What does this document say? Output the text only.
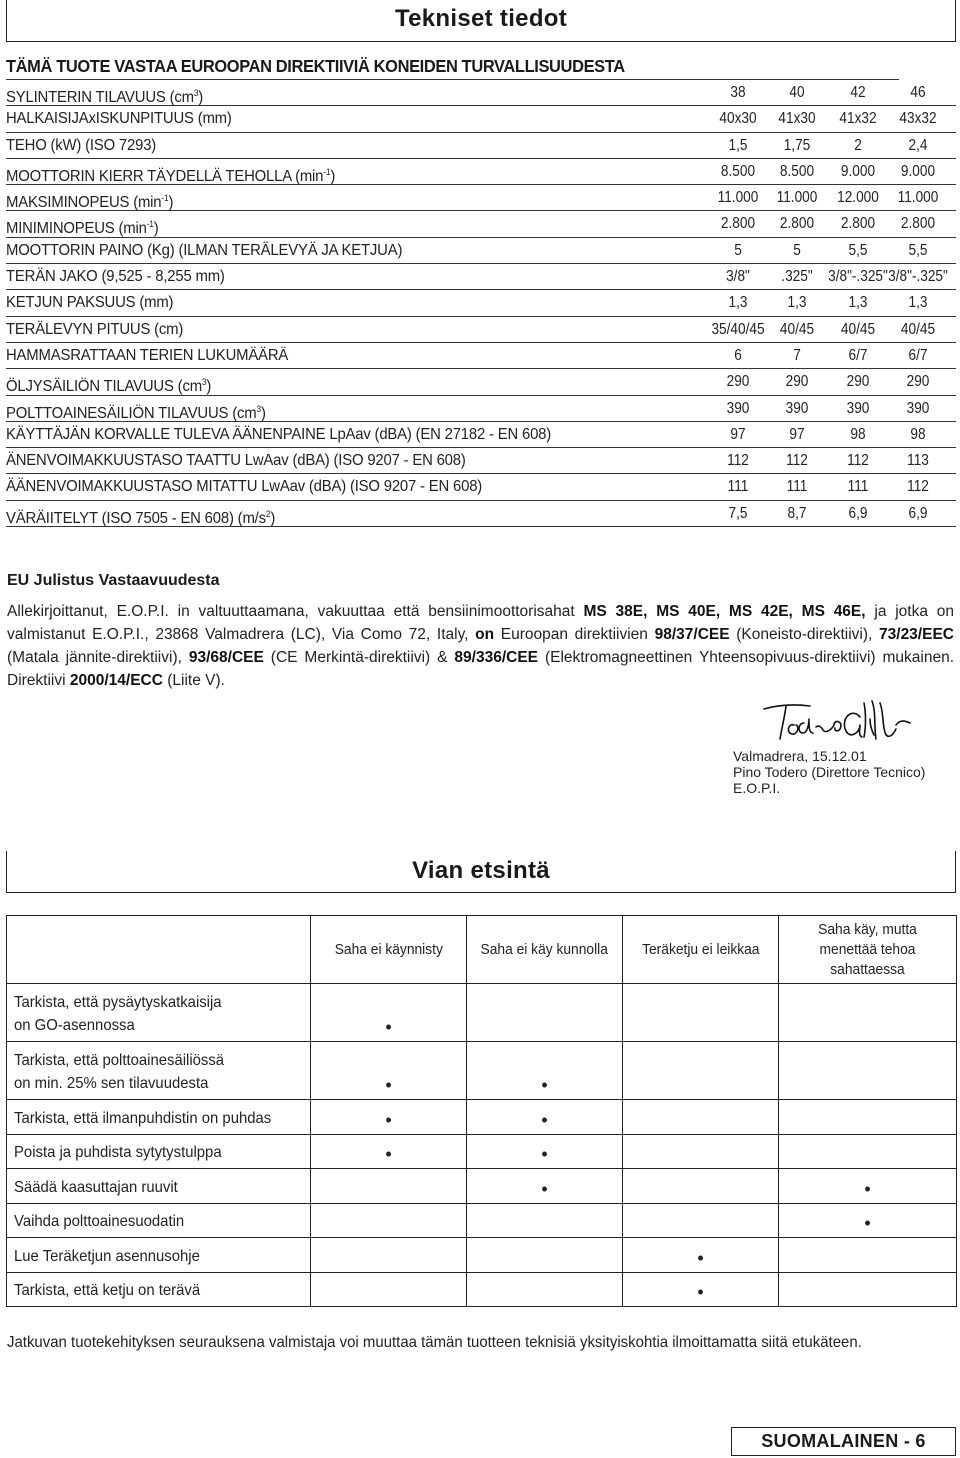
Tekniset tiedot
TÄMÄ TUOTE VASTAA EUROOPAN DIREKTIIVIÄ KONEIDEN TURVALLISUUDESTA
SYLINTERIN TILAVUUS $(cm^3)$	38	40	42	46
HALKAISIJAxISKUNPITUUS (mm)	40x30 41x30 41x32 43x32
TEHO (kW) (ISO 7293)	1,5 1,75	2	2,4
MOOTTORIN KIERR TÄYDELLÄ TEHOLLA $(\min^{-1})$	8.500 8.500 9.000 9.000
MAKSIMINOPEUS $(\min^{-1})$	11.000 11.000 12.000 11.000
MINIMINOPEUS $(\min^{-1})$	2.800 2.800 2.800 2.800
MOOTTORIN PAINO (Kg) (ILMAN TERÄLEVYÄ JA KETJUA)	5	5	5,5	5,5
TERÄN JAKO (9,525 - 8,255 mm)	3/8" .325" 3/8"-.325" 3/8"-.325"
KETJUN PAKSUUS (mm)	1,3	1,3	1,3	1,3
TERÄLEVYN PITUUS (cm)	35/40/45 40/45 40/45 40/45
HAMMASRATTAAN TERIEN LUKUMÄÄRÄ	6	7	6/7	6/7
ÖLJYSÄILIÖN TILAVUUS $(cm^3)$	290 290 290 290
POLTTOAINESÄILIÖN TILAVUUS $(cm^3)$	390 390 390 390
KÄYTTÄJÄN KORVALLE TULEVA ÄÄNENPAINE LpAav (dBA) (EN 27182 - EN 608)	97	97	98	98
ÄNENVOIMAKKUUSTASO TAATTU LwAav (dBA) (ISO 9207 - EN 608)	112 112	112 113
ÄÄNENVOIMAKKUUSTASO MITATTU LwAav (dBA) (ISO 9207 - EN 608)	111 111	111	112
VÄRÄIITELYT (ISO 7505 - EN 608) $(m/s^2)$	7,5	8,7	6,9	6,9
EU Julistus Vastaavuudesta
Allekirjoittanut, E.O.P.I. in valtuuttaamana, vakuuttaa että bensiinimoottorisahat MS 38E, MS 40E, MS 42E, MS 46E, ja jotka on valmistanut E.O.P.I., 23868 Valmadrera (LC), Via Como 72, Italy, on Euroopan direktiivien 98/37/CEE (Koneisto-direktiivi), 73/23/EEC (Matala jännite-direktiivi), 93/68/CEE (CE Merkintä-direktiivi) & 89/336/CEE (Elektromagneettinen Yhteensopivuus-direktiivi) mukainen. Direktiivi 2000/14/ECC (Liite V).
Valmadrera, 15.12.01
Pino Todero (Direttore Tecnico)
E.O.P.I.
Vian etsintä
	Saha ei käynnisty	Saha ei käy kunnolla	Teräketju ei leikkaa	Saha käy, mutta menettää tehoa sahattaessa
Tarkista, että pysäytyskatkaisija
on GO-asennossa	•			
Tarkista, että polttoainesäiliössä
on min. 25% sen tilavuudesta	•	•		
Tarkista, että ilmanpuhdistin on puhdas	•	•		
Poista ja puhdista sytytystulppa	•	•		
Säädä kaasuttajan ruuvit		•		•
Vaihda polttoainesuodatin				•
Lue Teräketjun asennusohje			•	
Tarkista, että ketju on terävä			•	
Jatkuvan tuotekehityksen seurauksena valmistaja voi muuttaa tämän tuotteen teknisiä yksityiskohtia ilmoittamatta siitä etukäteen.
SUOMALAINEN - 6
